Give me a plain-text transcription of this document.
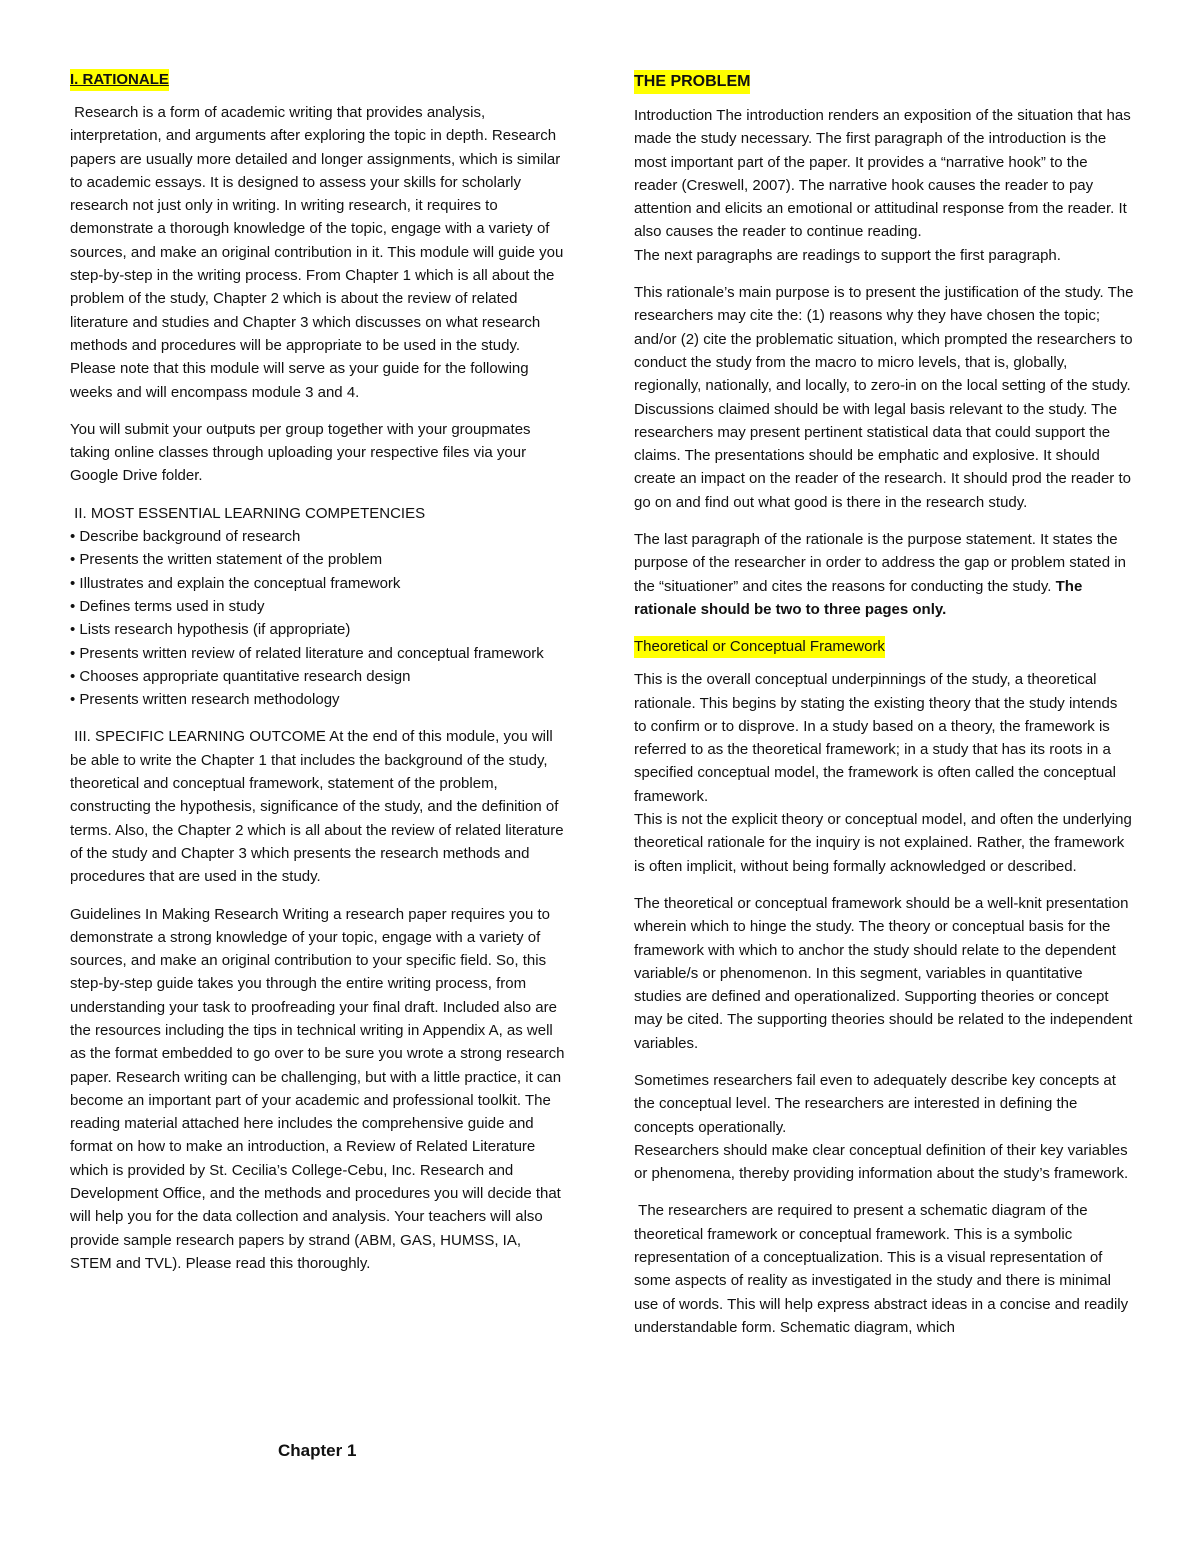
I. RATIONALE

Research is a form of academic writing that provides analysis, interpretation, and arguments after exploring the topic in depth. Research papers are usually more detailed and longer assignments, which is similar to academic essays. It is designed to assess your skills for scholarly research not just only in writing. In writing research, it requires to demonstrate a thorough knowledge of the topic, engage with a variety of sources, and make an original contribution in it. This module will guide you step-by-step in the writing process. From Chapter 1 which is all about the problem of the study, Chapter 2 which is about the review of related literature and studies and Chapter 3 which discusses on what research methods and procedures will be appropriate to be used in the study. Please note that this module will serve as your guide for the following weeks and will encompass module 3 and 4.

You will submit your outputs per group together with your groupmates taking online classes through uploading your respective files via your Google Drive folder.

II. MOST ESSENTIAL LEARNING COMPETENCIES
• Describe background of research
• Presents the written statement of the problem
• Illustrates and explain the conceptual framework
• Defines terms used in study
• Lists research hypothesis (if appropriate)
• Presents written review of related literature and conceptual framework
• Chooses appropriate quantitative research design
• Presents written research methodology

III. SPECIFIC LEARNING OUTCOME At the end of this module, you will be able to write the Chapter 1 that includes the background of the study, theoretical and conceptual framework, statement of the problem, constructing the hypothesis, significance of the study, and the definition of terms. Also, the Chapter 2 which is all about the review of related literature of the study and Chapter 3 which presents the research methods and procedures that are used in the study.

Guidelines In Making Research Writing a research paper requires you to demonstrate a strong knowledge of your topic, engage with a variety of sources, and make an original contribution to your specific field. So, this step-by-step guide takes you through the entire writing process, from understanding your task to proofreading your final draft. Included also are the resources including the tips in technical writing in Appendix A, as well as the format embedded to go over to be sure you wrote a strong research paper. Research writing can be challenging, but with a little practice, it can become an important part of your academic and professional toolkit. The reading material attached here includes the comprehensive guide and format on how to make an introduction, a Review of Related Literature which is provided by St. Cecilia’s College-Cebu, Inc. Research and Development Office, and the methods and procedures you will decide that will help you for the data collection and analysis. Your teachers will also provide sample research papers by strand (ABM, GAS, HUMSS, IA, STEM and TVL). Please read this thoroughly.

Chapter 1
THE PROBLEM

Introduction The introduction renders an exposition of the situation that has made the study necessary. The first paragraph of the introduction is the most important part of the paper. It provides a “narrative hook” to the reader (Creswell, 2007). The narrative hook causes the reader to pay attention and elicits an emotional or attitudinal response from the reader. It also causes the reader to continue reading.
The next paragraphs are readings to support the first paragraph.

This rationale’s main purpose is to present the justification of the study. The researchers may cite the: (1) reasons why they have chosen the topic; and/or (2) cite the problematic situation, which prompted the researchers to conduct the study from the macro to micro levels, that is, globally, regionally, nationally, and locally, to zero-in on the local setting of the study. Discussions claimed should be with legal basis relevant to the study. The researchers may present pertinent statistical data that could support the claims. The presentations should be emphatic and explosive. It should create an impact on the reader of the research. It should prod the reader to go on and find out what good is there in the research study.

The last paragraph of the rationale is the purpose statement. It states the purpose of the researcher in order to address the gap or problem stated in the “situationer” and cites the reasons for conducting the study. The rationale should be two to three pages only.

Theoretical or Conceptual Framework

This is the overall conceptual underpinnings of the study, a theoretical rationale. This begins by stating the existing theory that the study intends to confirm or to disprove. In a study based on a theory, the framework is referred to as the theoretical framework; in a study that has its roots in a specified conceptual model, the framework is often called the conceptual framework.
This is not the explicit theory or conceptual model, and often the underlying theoretical rationale for the inquiry is not explained. Rather, the framework is often implicit, without being formally acknowledged or described.

The theoretical or conceptual framework should be a well-knit presentation wherein which to hinge the study. The theory or conceptual basis for the framework with which to anchor the study should relate to the dependent variable/s or phenomenon. In this segment, variables in quantitative studies are defined and operationalized. Supporting theories or concept may be cited. The supporting theories should be related to the independent variables.

Sometimes researchers fail even to adequately describe key concepts at the conceptual level. The researchers are interested in defining the concepts operationally.
Researchers should make clear conceptual definition of their key variables or phenomena, thereby providing information about the study’s framework.

The researchers are required to present a schematic diagram of the theoretical framework or conceptual framework. This is a symbolic representation of a conceptualization. This is a visual representation of some aspects of reality as investigated in the study and there is minimal use of words. This will help express abstract ideas in a concise and readily understandable form. Schematic diagram, which
